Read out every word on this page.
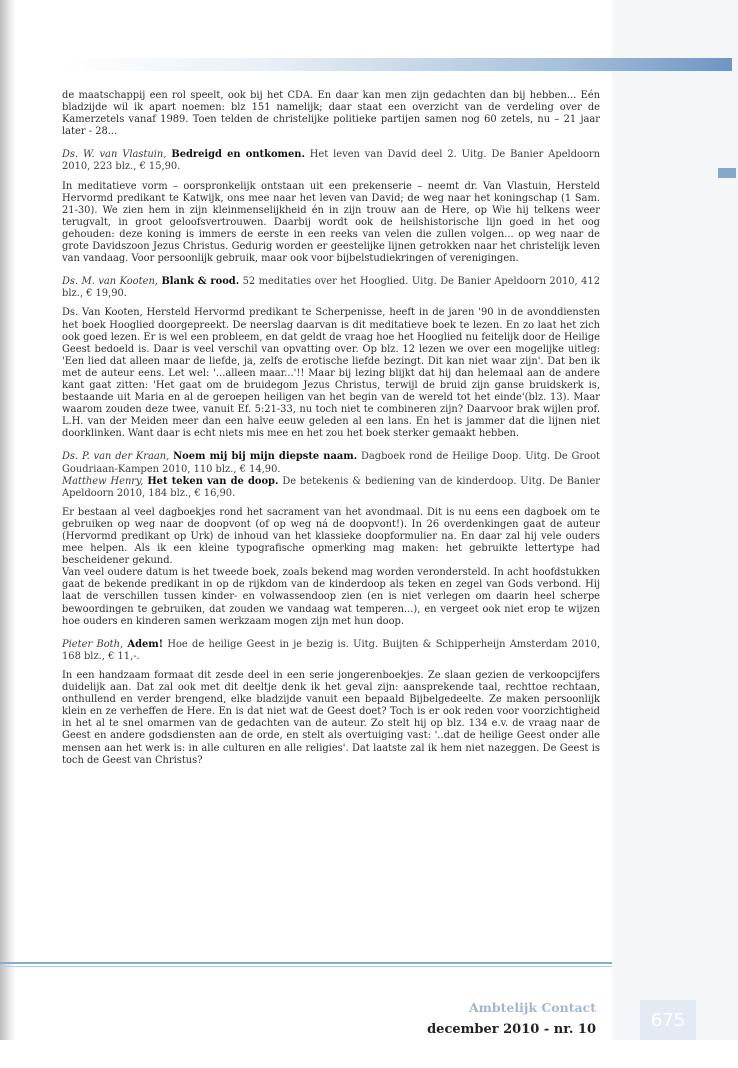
de maatschappij een rol speelt, ook bij het CDA. En daar kan men zijn gedachten dan bij hebben... Eén bladzijde wil ik apart noemen: blz 151 namelijk; daar staat een overzicht van de verdeling over de Kamerzetels vanaf 1989. Toen telden de christelijke politieke partijen samen nog 60 zetels, nu – 21 jaar later - 28...

Ds. W. van Vlastuin, Bedreigd en ontkomen. Het leven van David deel 2. Uitg. De Banier Apeldoorn 2010, 223 blz., € 15,90.

In meditatieve vorm – oorspronkelijk ontstaan uit een prekenserie – neemt dr. Van Vlastuin, Hersteld Hervormd predikant te Katwijk, ons mee naar het leven van David; de weg naar het koningschap (1 Sam. 21-30). We zien hem in zijn kleinmenselijkheid én in zijn trouw aan de Here, op Wie hij telkens weer terugvalt, in groot geloofsvertrouwen. Daarbij wordt ook de heilshistorische lijn goed in het oog gehouden: deze koning is immers de eerste in een reeks van velen die zullen volgen... op weg naar de grote Davidszoon Jezus Christus. Gedurig worden er geestelijke lijnen getrokken naar het christelijk leven van vandaag. Voor persoonlijk gebruik, maar ook voor bijbelstudiekringen of verenigingen.

Ds. M. van Kooten, Blank & rood. 52 meditaties over het Hooglied. Uitg. De Banier Apeldoorn 2010, 412 blz., € 19,90.

Ds. Van Kooten, Hersteld Hervormd predikant te Scherpenisse, heeft in de jaren '90 in de avonddiensten het boek Hooglied doorgepreekt. De neerslag daarvan is dit meditatieve boek te lezen. En zo laat het zich ook goed lezen. Er is wel een probleem, en dat geldt de vraag hoe het Hooglied nu feitelijk door de Heilige Geest bedoeld is. Daar is veel verschil van opvatting over. Op blz. 12 lezen we over een mogelijke uitleg: 'Een lied dat alleen maar de liefde, ja, zelfs de erotische liefde bezingt. Dit kan niet waar zijn'. Dat ben ik met de auteur eens. Let wel: '...alleen maar...'!! Maar bij lezing blijkt dat hij dan helemaal aan de andere kant gaat zitten: 'Het gaat om de bruidegom Jezus Christus, terwijl de bruid zijn ganse bruidskerk is, bestaande uit Maria en al de geroepen heiligen van het begin van de wereld tot het einde'(blz. 13). Maar waarom zouden deze twee, vanuit Ef. 5:21-33, nu toch niet te combineren zijn? Daarvoor brak wijlen prof. L.H. van der Meiden meer dan een halve eeuw geleden al een lans. En het is jammer dat die lijnen niet doorklinken. Want daar is echt niets mis mee en het zou het boek sterker gemaakt hebben.

Ds. P. van der Kraan, Noem mij bij mijn diepste naam. Dagboek rond de Heilige Doop. Uitg. De Groot Goudriaan-Kampen 2010, 110 blz., € 14,90.
Matthew Henry, Het teken van de doop. De betekenis & bediening van de kinderdoop. Uitg. De Banier Apeldoorn 2010, 184 blz., € 16,90.

Er bestaan al veel dagboekjes rond het sacrament van het avondmaal. Dit is nu eens een dagboek om te gebruiken op weg naar de doopvont (of op weg ná de doopvont!). In 26 overdenkingen gaat de auteur (Hervormd predikant op Urk) de inhoud van het klassieke doopformulier na. En daar zal hij vele ouders mee helpen. Als ik een kleine typografische opmerking mag maken: het gebruikte lettertype had bescheidener gekund.
Van veel oudere datum is het tweede boek, zoals bekend mag worden verondersteld. In acht hoofdstukken gaat de bekende predikant in op de rijkdom van de kinderdoop als teken en zegel van Gods verbond. Hij laat de verschillen tussen kinder- en volwassendoop zien (en is niet verlegen om daarin heel scherpe bewoordingen te gebruiken, dat zouden we vandaag wat temperen...), en vergeet ook niet erop te wijzen hoe ouders en kinderen samen werkzaam mogen zijn met hun doop.

Pieter Both, Adem! Hoe de heilige Geest in je bezig is. Uitg. Buijten & Schipperheijn Amsterdam 2010, 168 blz., € 11,-.

In een handzaam formaat dit zesde deel in een serie jongerenboekjes. Ze slaan gezien de verkoopcijfers duidelijk aan. Dat zal ook met dit deeltje denk ik het geval zijn: aansprekende taal, rechttoe rechtaan, onthullend en verder brengend, elke bladzijde vanuit een bepaald Bijbelgedeelte. Ze maken persoonlijk klein en ze verheffen de Here. En is dat niet wat de Geest doet? Toch is er ook reden voor voorzichtigheid in het al te snel omarmen van de gedachten van de auteur. Zo stelt hij op blz. 134 e.v. de vraag naar de Geest en andere godsdiensten aan de orde, en stelt als overtuiging vast: '..dat de heilige Geest onder alle mensen aan het werk is: in alle culturen en alle religies'. Dat laatste zal ik hem niet nazeggen. De Geest is toch de Geest van Christus?

Ambtelijk Contact
december 2010 - nr. 10	675
